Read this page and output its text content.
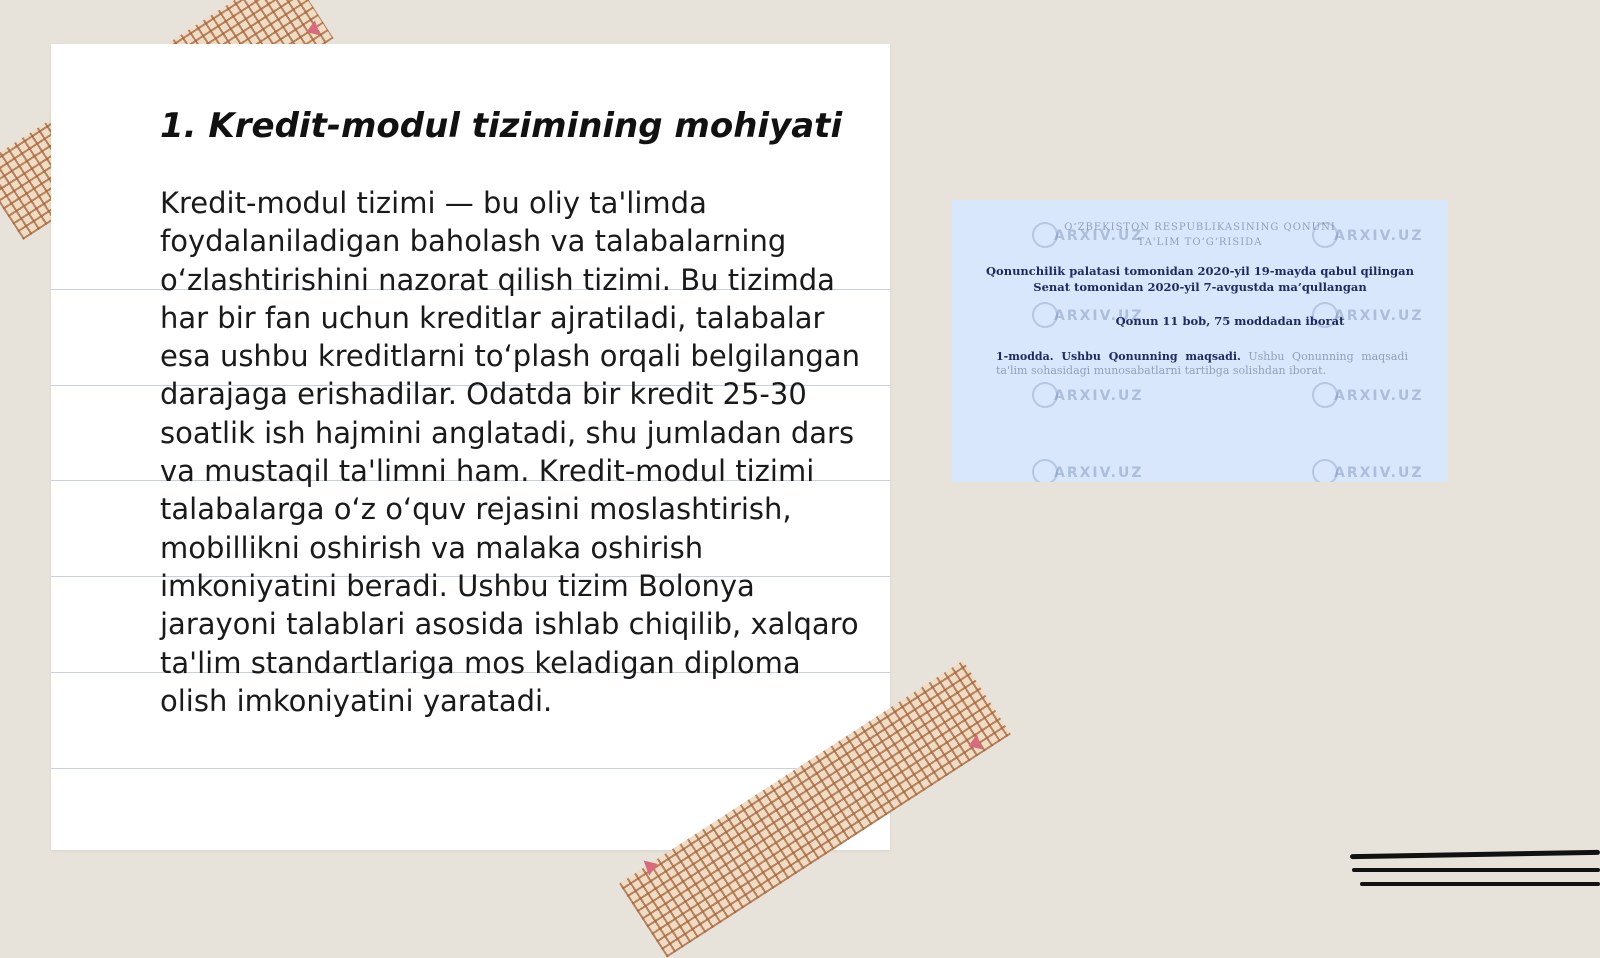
1. Kredit-modul tizimining mohiyati

Kredit-modul tizimi — bu oliy ta'limda foydalaniladigan baholash va talabalarning o‘zlashtirishini nazorat qilish tizimi. Bu tizimda har bir fan uchun kreditlar ajratiladi, talabalar esa ushbu kreditlarni to‘plash orqali belgilangan darajaga erishadilar. Odatda bir kredit 25-30 soatlik ish hajmini anglatadi, shu jumladan dars va mustaqil ta'limni ham. Kredit-modul tizimi talabalarga o‘z o‘quv rejasini moslashtirish, mobillikni oshirish va malaka oshirish imkoniyatini beradi. Ushbu tizim Bolonya jarayoni talablari asosida ishlab chiqilib, xalqaro ta'lim standartlariga mos keladigan diploma olish imkoniyatini yaratadi.

ARXIV.UZ	ARXIV.UZ
ARXIV.UZ	ARXIV.UZ
ARXIV.UZ	ARXIV.UZ
ARXIV.UZ	ARXIV.UZ
O‘ZBEKISTON RESPUBLIKASINING QONUNI
TA'LIM TO‘G‘RISIDA
Qonunchilik palatasi tomonidan 2020-yil 19-mayda qabul qilingan
Senat tomonidan 2020-yil 7-avgustda ma’qullangan
Qonun 11 bob, 75 moddadan iborat
1-modda. Ushbu Qonunning maqsadi. Ushbu Qonunning maqsadi ta'lim sohasidagi munosabatlarni tartibga solishdan iborat.
